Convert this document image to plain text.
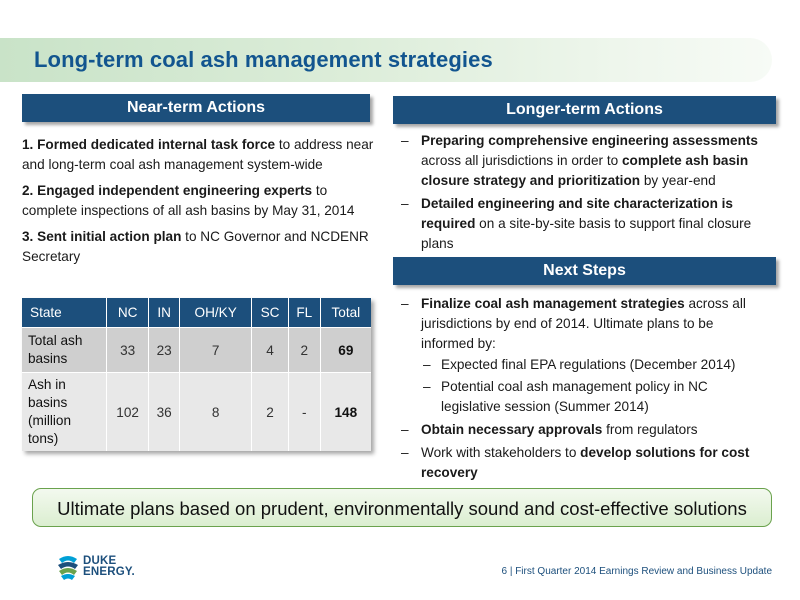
Long-term coal ash management strategies
Near-term Actions
1. Formed dedicated internal task force to address near and long-term coal ash management system-wide
2. Engaged independent engineering experts to complete inspections of all ash basins by May 31, 2014
3. Sent initial action plan to NC Governor and NCDENR Secretary
State	NC	IN	OH/KY	SC	FL	Total
Total ash basins	33	23	7	4	2	69
Ash in basins (million tons)	102	36	8	2	-	148
Longer-term Actions
– Preparing comprehensive engineering assessments across all jurisdictions in order to complete ash basin closure strategy and prioritization by year-end
– Detailed engineering and site characterization is required on a site-by-site basis to support final closure plans
Next Steps
– Finalize coal ash management strategies across all jurisdictions by end of 2014. Ultimate plans to be informed by:
– Expected final EPA regulations (December 2014)
– Potential coal ash management policy in NC legislative session (Summer 2014)
– Obtain necessary approvals from regulators
– Work with stakeholders to develop solutions for cost recovery
Ultimate plans based on prudent, environmentally sound and cost-effective solutions
DUKE
ENERGY.	6 | First Quarter 2014 Earnings Review and Business Update
